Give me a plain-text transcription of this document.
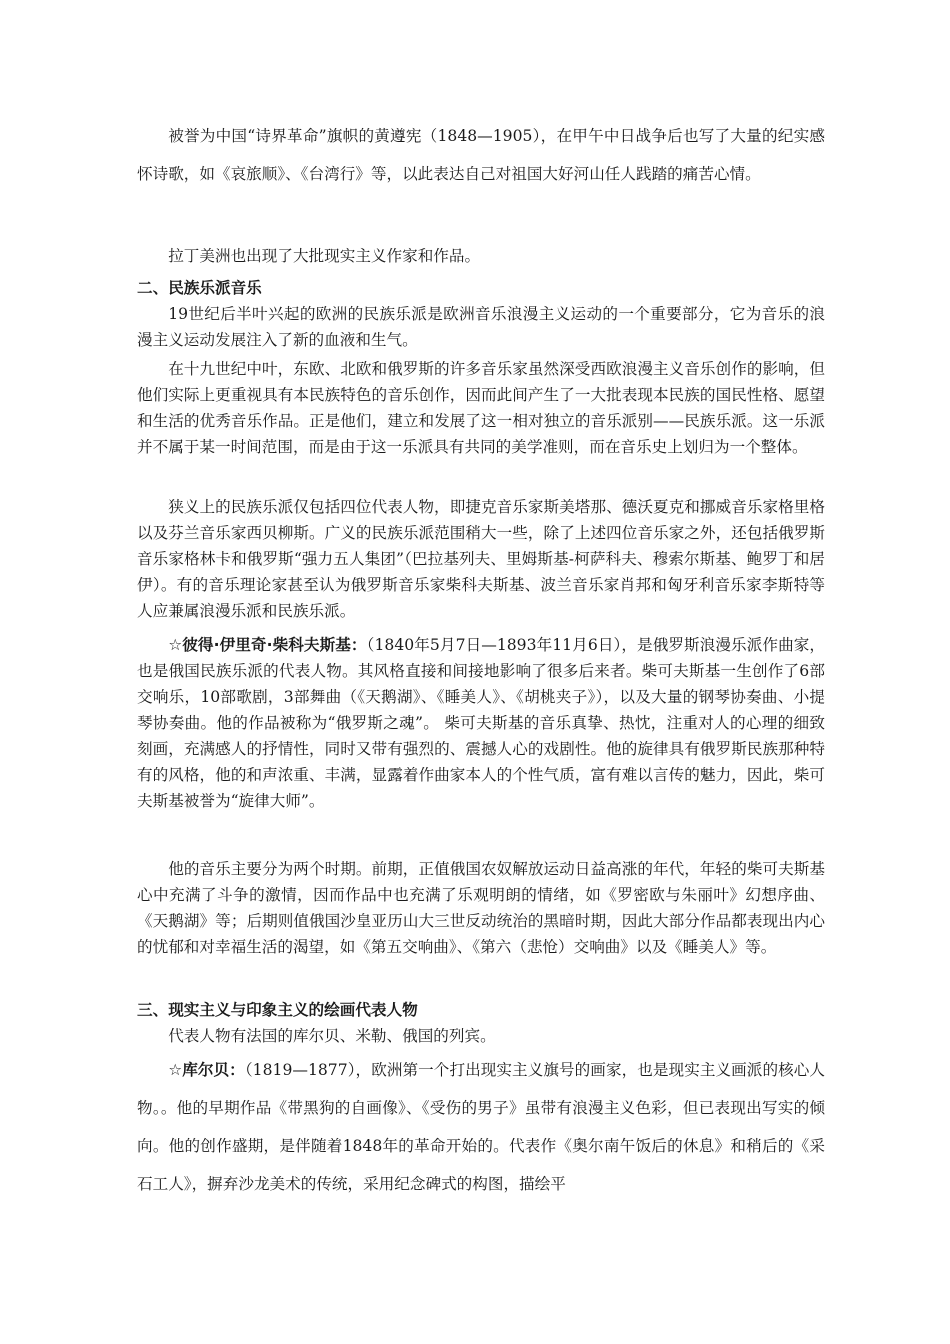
被誉为中国“诗界革命”旗帜的黄遵宪（1848—1905），在甲午中日战争后也写了大量的纪实感怀诗歌，如《哀旅顺》、《台湾行》等，以此表达自己对祖国大好河山任人践踏的痛苦心情。

拉丁美洲也出现了大批现实主义作家和作品。

二、民族乐派音乐

19世纪后半叶兴起的欧洲的民族乐派是欧洲音乐浪漫主义运动的一个重要部分，它为音乐的浪漫主义运动发展注入了新的血液和生气。

在十九世纪中叶，东欧、北欧和俄罗斯的许多音乐家虽然深受西欧浪漫主义音乐创作的影响，但他们实际上更重视具有本民族特色的音乐创作，因而此间产生了一大批表现本民族的国民性格、愿望和生活的优秀音乐作品。正是他们，建立和发展了这一相对独立的音乐派别——民族乐派。这一乐派并不属于某一时间范围，而是由于这一乐派具有共同的美学准则，而在音乐史上划归为一个整体。

狭义上的民族乐派仅包括四位代表人物，即捷克音乐家斯美塔那、德沃夏克和挪威音乐家格里格以及芬兰音乐家西贝柳斯。广义的民族乐派范围稍大一些，除了上述四位音乐家之外，还包括俄罗斯音乐家格林卡和俄罗斯“强力五人集团”（巴拉基列夫、里姆斯基-柯萨科夫、穆索尔斯基、鲍罗丁和居伊）。有的音乐理论家甚至认为俄罗斯音乐家柴科夫斯基、波兰音乐家肖邦和匈牙利音乐家李斯特等人应兼属浪漫乐派和民族乐派。

☆彼得·伊里奇·柴科夫斯基：（1840年5月7日—1893年11月6日），是俄罗斯浪漫乐派作曲家，也是俄国民族乐派的代表人物。其风格直接和间接地影响了很多后来者。柴可夫斯基一生创作了6部交响乐，10部歌剧，3部舞曲（《天鹅湖》、《睡美人》、《胡桃夹子》），以及大量的钢琴协奏曲、小提琴协奏曲。他的作品被称为“俄罗斯之魂”。 柴可夫斯基的音乐真挚、热忱，注重对人的心理的细致刻画，充满感人的抒情性，同时又带有强烈的、震撼人心的戏剧性。他的旋律具有俄罗斯民族那种特有的风格，他的和声浓重、丰满，显露着作曲家本人的个性气质，富有难以言传的魅力，因此，柴可夫斯基被誉为“旋律大师”。

他的音乐主要分为两个时期。前期，正值俄国农奴解放运动日益高涨的年代，年轻的柴可夫斯基心中充满了斗争的激情，因而作品中也充满了乐观明朗的情绪，如《罗密欧与朱丽叶》幻想序曲、《天鹅湖》等；后期则值俄国沙皇亚历山大三世反动统治的黑暗时期，因此大部分作品都表现出内心的忧郁和对幸福生活的渴望，如《第五交响曲》、《第六（悲怆）交响曲》以及《睡美人》等。

三、现实主义与印象主义的绘画代表人物

代表人物有法国的库尔贝、米勒、俄国的列宾。

☆库尔贝：（1819—1877），欧洲第一个打出现实主义旗号的画家，也是现实主义画派的核心人物。。他的早期作品《带黑狗的自画像》、《受伤的男子》虽带有浪漫主义色彩，但已表现出写实的倾向。他的创作盛期，是伴随着1848年的革命开始的。代表作《奥尔南午饭后的休息》和稍后的《采石工人》，摒弃沙龙美术的传统，采用纪念碑式的构图，描绘平
